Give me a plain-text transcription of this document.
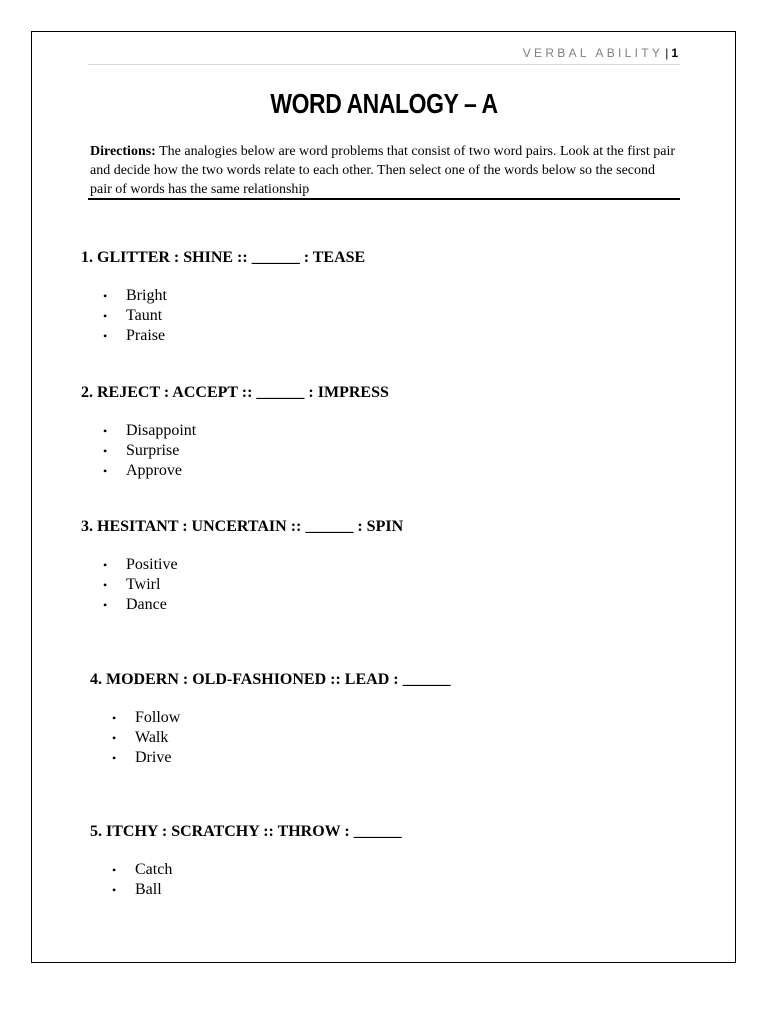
VERBAL ABILITY | 1
WORD ANALOGY – A
Directions: The analogies below are word problems that consist of two word pairs. Look at the first pair and decide how the two words relate to each other. Then select one of the words below so the second pair of words has the same relationship
1. GLITTER : SHINE :: ______ : TEASE
• Bright
• Taunt
• Praise
2. REJECT : ACCEPT :: ______ : IMPRESS
• Disappoint
• Surprise
• Approve
3. HESITANT : UNCERTAIN :: ______ : SPIN
• Positive
• Twirl
• Dance
4. MODERN : OLD-FASHIONED :: LEAD : ______
• Follow
• Walk
• Drive
5. ITCHY : SCRATCHY :: THROW : ______
• Catch
• Ball
